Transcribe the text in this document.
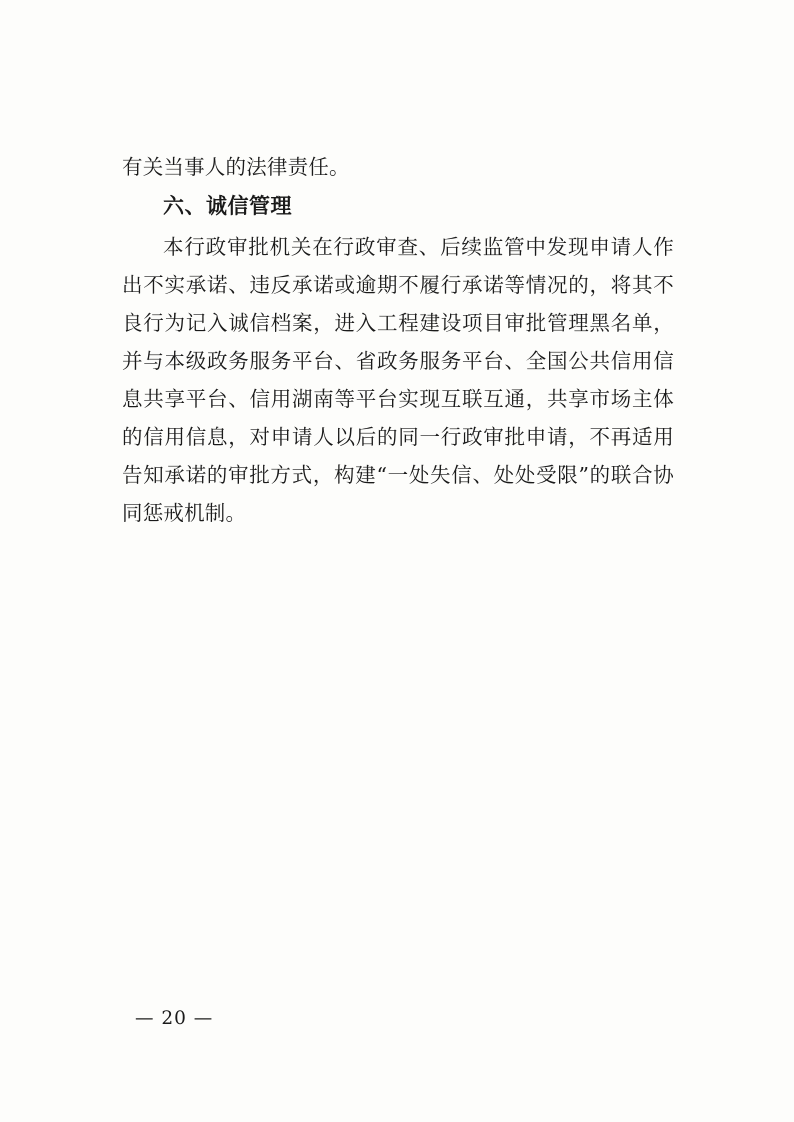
有关当事人的法律责任。

六、诚信管理

本行政审批机关在行政审查、后续监管中发现申请人作出不实承诺、违反承诺或逾期不履行承诺等情况的，将其不良行为记入诚信档案，进入工程建设项目审批管理黑名单，并与本级政务服务平台、省政务服务平台、全国公共信用信息共享平台、信用湖南等平台实现互联互通，共享市场主体的信用信息，对申请人以后的同一行政审批申请，不再适用告知承诺的审批方式，构建“一处失信、处处受限”的联合协同惩戒机制。

— 20 —
